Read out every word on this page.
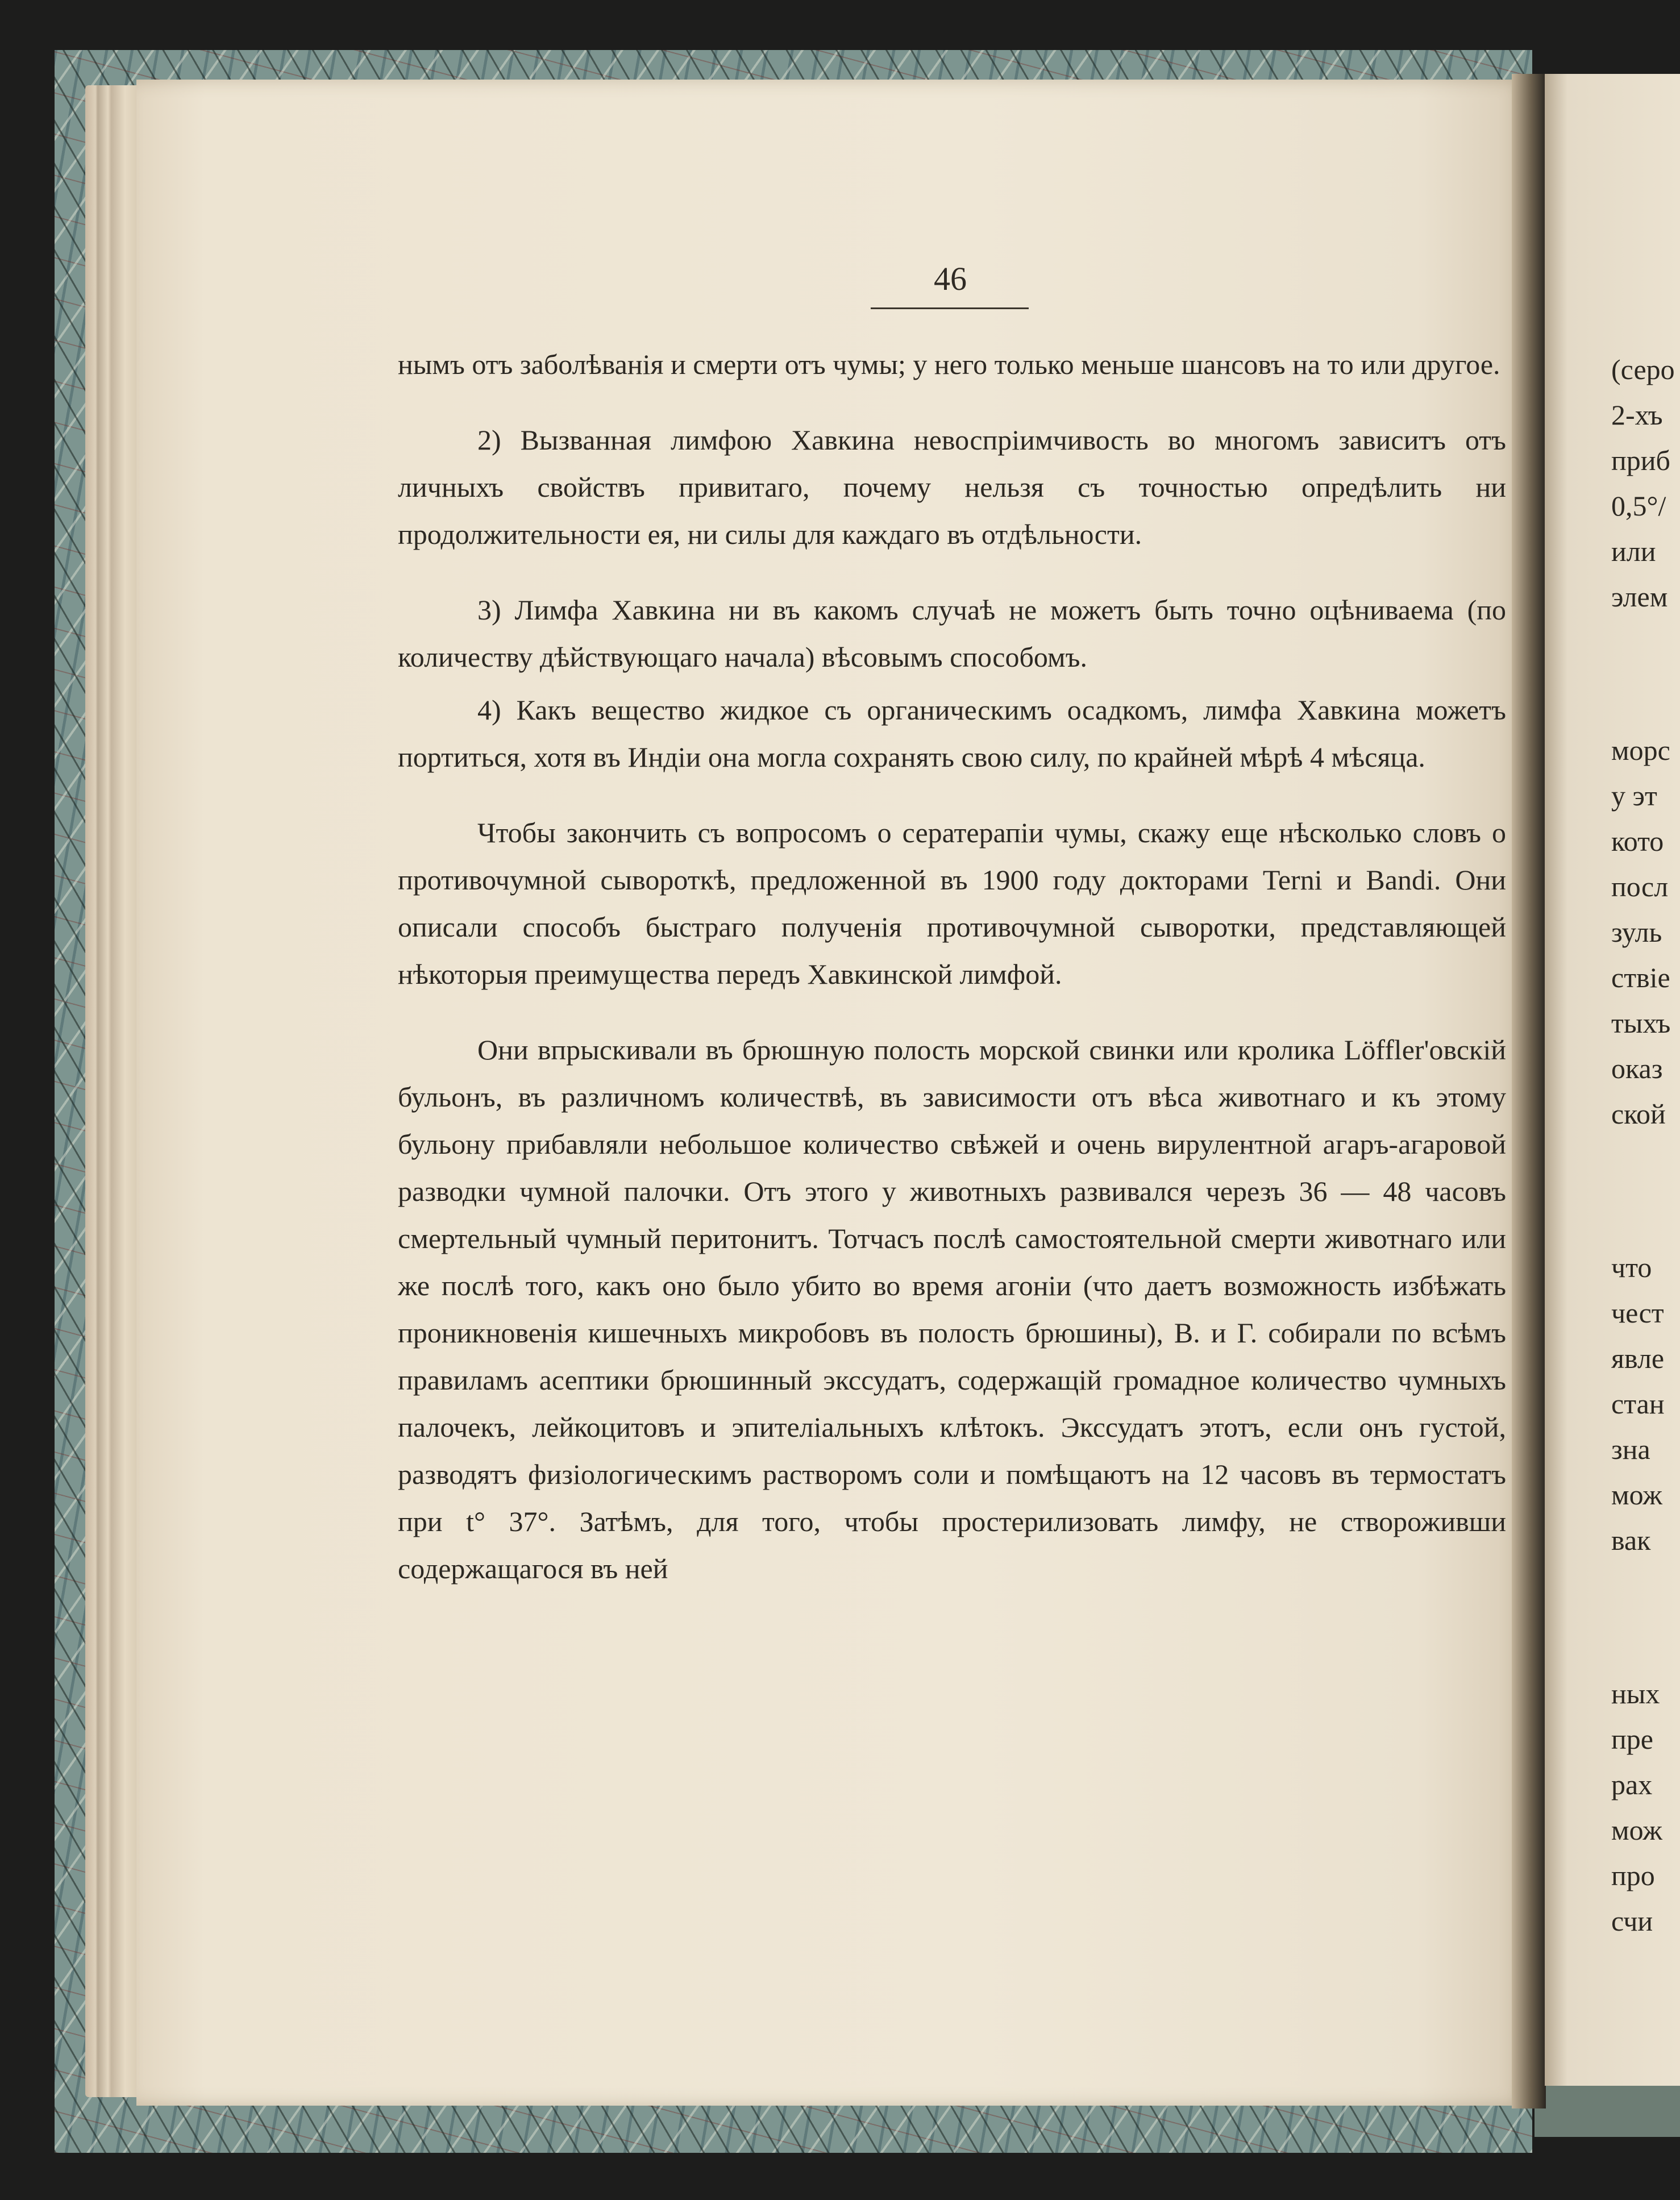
46

нымъ отъ заболѣванія и смерти отъ чумы; у него только меньше шансовъ на то или другое.

2) Вызванная лимфою Хавкина невоспріимчивость во многомъ зависитъ отъ личныхъ свойствъ привитаго, почему нельзя съ точностью опредѣлить ни продолжительности ея, ни силы для каждаго въ отдѣльности.

3) Лимфа Хавкина ни въ какомъ случаѣ не можетъ быть точно оцѣниваема (по количеству дѣйствующаго начала) вѣсовымъ способомъ.

4) Какъ вещество жидкое съ органическимъ осадкомъ, лимфа Хавкина можетъ портиться, хотя въ Индіи она могла сохранять свою силу, по крайней мѣрѣ 4 мѣсяца.

Чтобы закончить съ вопросомъ о сератерапіи чумы, скажу еще нѣсколько словъ о противочумной сывороткѣ, предложенной въ 1900 году докторами Terni и Bandi. Они описали способъ быстраго полученія противочумной сыворотки, представляющей нѣкоторыя преимущества передъ Хавкинской лимфой.

Они впрыскивали въ брюшную полость морской свинки или кролика Löffler'овскій бульонъ, въ различномъ количествѣ, въ зависимости отъ вѣса животнаго и къ этому бульону прибавляли небольшое количество свѣжей и очень вирулентной агаръ-агаровой разводки чумной палочки. Отъ этого у животныхъ развивался черезъ 36 — 48 часовъ смертельный чумный перитонитъ. Тотчасъ послѣ самостоятельной смерти животнаго или же послѣ того, какъ оно было убито во время агоніи (что даетъ возможность избѣжать проникновенія кишечныхъ микробовъ въ полость брюшины), В. и Г. собирали по всѣмъ правиламъ асептики брюшинный экссудатъ, содержащій громадное количество чумныхъ палочекъ, лейкоцитовъ и эпителіальныхъ клѣтокъ. Экссудатъ этотъ, если онъ густой, разводятъ физіологическимъ растворомъ соли и помѣщаютъ на 12 часовъ въ термостатъ при t° 37°. Затѣмъ, для того, чтобы простерилизовать лимфу, не створоживши содержащагося въ ней

(серо
2-хъ
приб
0,5°/
или
элем
морс
у эт
кото
посл
зуль
ствіе
тыхъ
оказ
ской
что
чест
явле
стан
зна
мож
вак
ных
пре
рах
мож
про
счи
